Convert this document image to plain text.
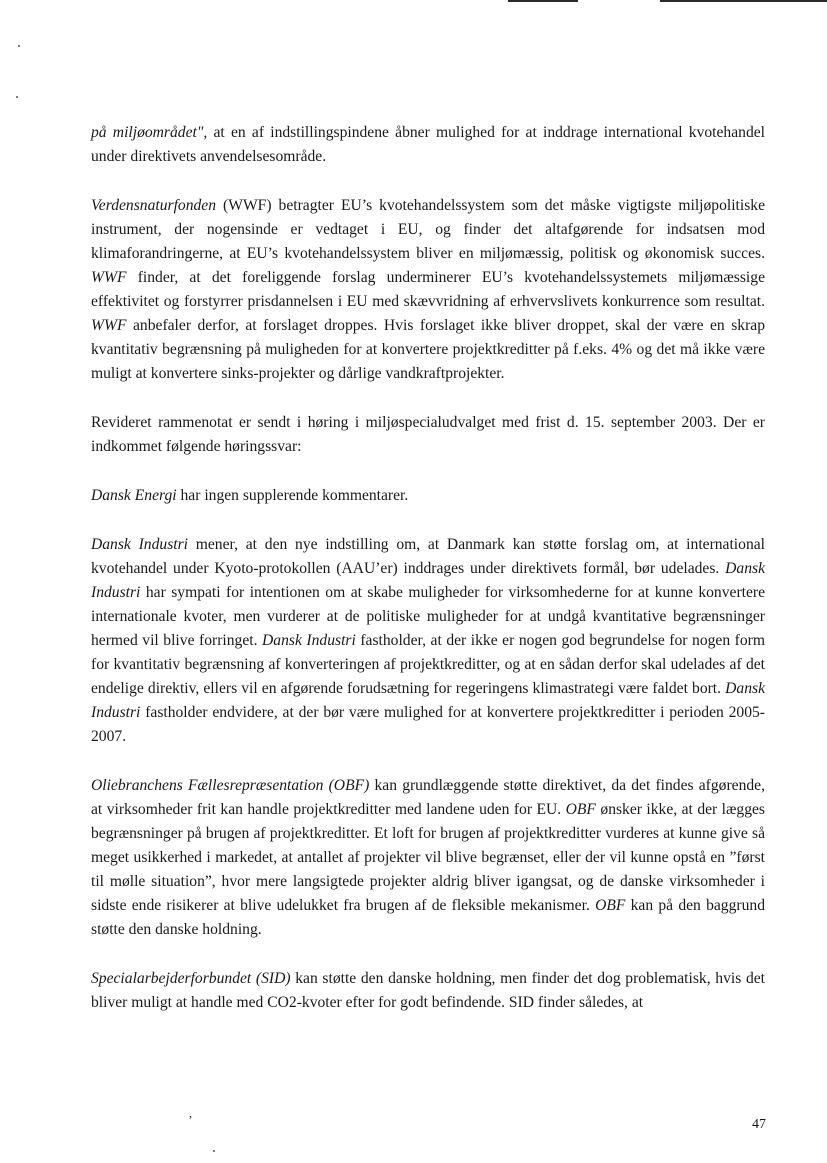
på miljøområdet", at en af indstillingspindene åbner mulighed for at inddrage international kvotehandel under direktivets anvendelsesområde.

Verdensnaturfonden (WWF) betragter EU’s kvotehandelssystem som det måske vigtigste miljøpolitiske instrument, der nogensinde er vedtaget i EU, og finder det altafgørende for indsatsen mod klimaforandringerne, at EU’s kvotehandelssystem bliver en miljømæssig, politisk og økonomisk succes. WWF finder, at det foreliggende forslag underminerer EU’s kvotehandelssystemets miljømæssige effektivitet og forstyrrer prisdannelsen i EU med skævvridning af erhvervslivets konkurrence som resultat. WWF anbefaler derfor, at forslaget droppes. Hvis forslaget ikke bliver droppet, skal der være en skrap kvantitativ begrænsning på muligheden for at konvertere projektkreditter på f.eks. 4% og det må ikke være muligt at konvertere sinks-projekter og dårlige vandkraftprojekter.

Revideret rammenotat er sendt i høring i miljøspecialudvalget med frist d. 15. september 2003. Der er indkommet følgende høringssvar:

Dansk Energi har ingen supplerende kommentarer.

Dansk Industri mener, at den nye indstilling om, at Danmark kan støtte forslag om, at international kvotehandel under Kyoto-protokollen (AAU’er) inddrages under direktivets formål, bør udelades. Dansk Industri har sympati for intentionen om at skabe muligheder for virksomhederne for at kunne konvertere internationale kvoter, men vurderer at de politiske muligheder for at undgå kvantitative begrænsninger hermed vil blive forringet. Dansk Industri fastholder, at der ikke er nogen god begrundelse for nogen form for kvantitativ begrænsning af konverteringen af projektkreditter, og at en sådan derfor skal udelades af det endelige direktiv, ellers vil en afgørende forudsætning for regeringens klimastrategi være faldet bort. Dansk Industri fastholder endvidere, at der bør være mulighed for at konvertere projektkreditter i perioden 2005-2007.

Oliebranchens Fællesrepræsentation (OBF) kan grundlæggende støtte direktivet, da det findes afgørende, at virksomheder frit kan handle projektkreditter med landene uden for EU. OBF ønsker ikke, at der lægges begrænsninger på brugen af projektkreditter. Et loft for brugen af projektkreditter vurderes at kunne give så meget usikkerhed i markedet, at antallet af projekter vil blive begrænset, eller der vil kunne opstå en ”først til mølle situation”, hvor mere langsigtede projekter aldrig bliver igangsat, og de danske virksomheder i sidste ende risikerer at blive udelukket fra brugen af de fleksible mekanismer. OBF kan på den baggrund støtte den danske holdning.

Specialarbejderforbundet (SID) kan støtte den danske holdning, men finder det dog problematisk, hvis det bliver muligt at handle med CO2-kvoter efter for godt befindende. SID finder således, at

,
47
